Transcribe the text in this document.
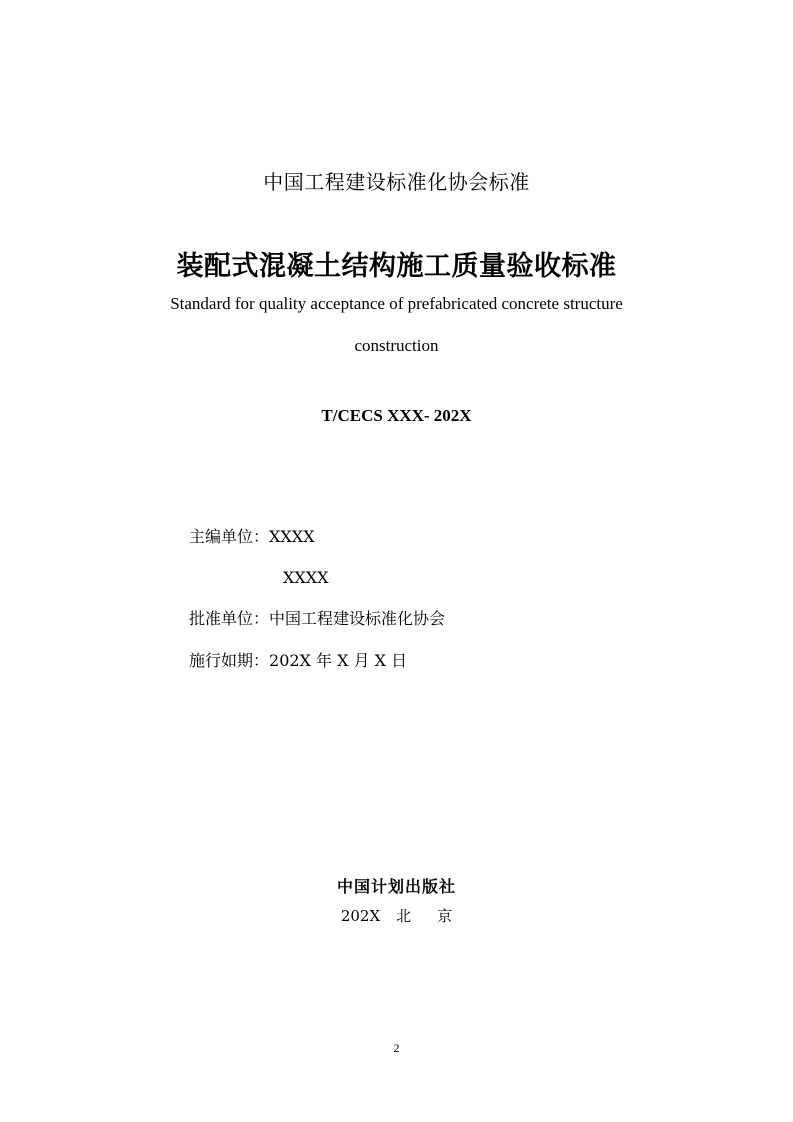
中国工程建设标准化协会标准
装配式混凝土结构施工质量验收标准
Standard for quality acceptance of prefabricated concrete structure
construction
T/CECS XXX- 202X
主编单位：XXXX
XXXX
批准单位：中国工程建设标准化协会
施行如期：202X 年 X 月 X 日
中国计划出版社
202X 北 京
2
